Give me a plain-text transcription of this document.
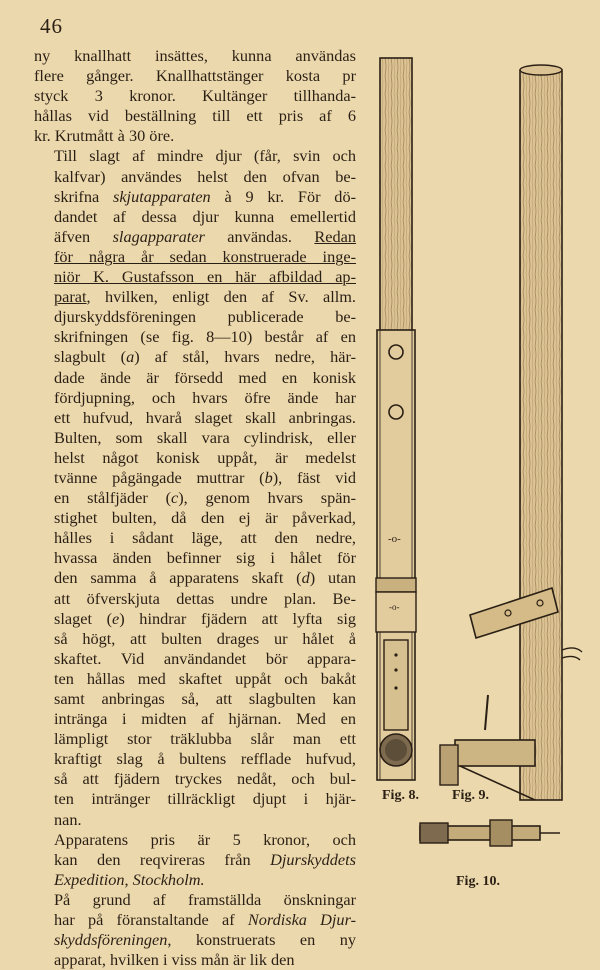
46

ny knallhatt insättes, kunna användas
flere gånger. Knallhattstänger kosta pr
styck 3 kronor. Kultänger tillhanda-
hållas vid beställning till ett pris af 6
kr. Krutmått à 30 öre.

Till slagt af mindre djur (får, svin och
kalfvar) användes helst den ofvan be-
skrifna skjutapparaten à 9 kr. För dö-
dandet af dessa djur kunna emellertid
äfven slagapparater användas. Redan
för några år sedan konstruerade inge-
niör K. Gustafsson en här afbildad ap-
parat, hvilken, enligt den af Sv. allm.
djurskyddsföreningen publicerade be-
skrifningen (se fig. 8—10) består af en
slagbult (a) af stål, hvars nedre, här-
dade ände är försedd med en konisk
fördjupning, och hvars öfre ände har
ett hufvud, hvarå slaget skall anbringas.
Bulten, som skall vara cylindrisk, eller
helst något konisk uppåt, är medelst
tvänne pågängade muttrar (b), fäst vid
en stålfjäder (c), genom hvars spän-
stighet bulten, då den ej är påverkad,
hålles i sådant läge, att den nedre,
hvassa änden befinner sig i hålet för
den samma å apparatens skaft (d) utan
att öfverskjuta dettas undre plan. Be-
slaget (e) hindrar fjädern att lyfta sig
så högt, att bulten drages ur hålet å
skaftet. Vid användandet bör appara-
ten hållas med skaftet uppåt och bakåt
samt anbringas så, att slagbulten kan
inträngа i midten af hjärnan. Med en
lämpligt stor träklubba slår man ett
kraftigt slag å bultens refflade hufvud,
så att fjädern tryckes nedåt, och bul-
ten inträngеr tillräckligt djupt i hjär-
nan.

Apparatens pris är 5 kronor, och
kan den reqvireras från Djurskyddets
Expedition, Stockholm.

På grund af framställda önskningar
har på föranstaltande af Nordiska Djur-
skyddsföreningen, konstruerats en ny
apparat, hvilken i viss mån är lik den

-o-
-o-
Fig. 8. Fig. 9.
Fig. 10.
